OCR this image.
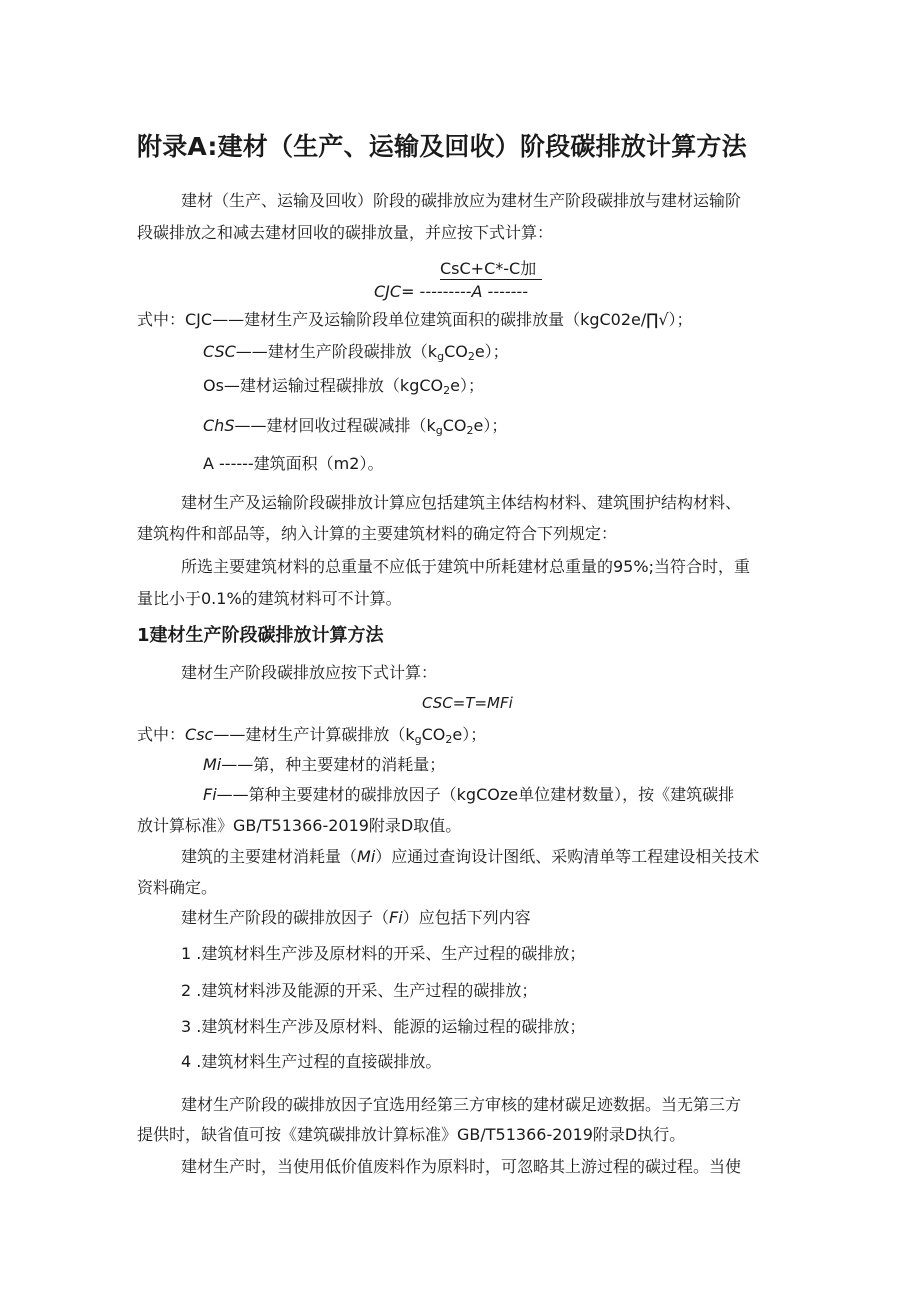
附录A:建材（生产、运输及回收）阶段碳排放计算方法
建材（生产、运输及回收）阶段的碳排放应为建材生产阶段碳排放与建材运输阶
段碳排放之和减去建材回收的碳排放量，并应按下式计算：
CsC+C*-C加
CJC= ---------A -------
式中：CJC——建材生产及运输阶段单位建筑面积的碳排放量（kgC02e∕∏√）；
CSC——建材生产阶段碳排放$(k_gCO_2e)$；
Os—建材运输过程碳排放（kgCO$_2$e）；
ChS——建材回收过程碳减排$(k_gCO_2e)$；
A ------建筑面积（m2）。
建材生产及运输阶段碳排放计算应包括建筑主体结构材料、建筑围护结构材料、
建筑构件和部品等，纳入计算的主要建筑材料的确定符合下列规定：
所选主要建筑材料的总重量不应低于建筑中所耗建材总重量的95%;当符合时，重
量比小于0.1%的建筑材料可不计算。
1建材生产阶段碳排放计算方法
建材生产阶段碳排放应按下式计算：
CSC=T=MFi
式中：Csc——建材生产计算碳排放$(k_gCO_2e)$；
Mi——第，种主要建材的消耗量；
Fi——第种主要建材的碳排放因子（kgCOze单位建材数量），按《建筑碳排
放计算标准》GB/T51366-2019附录D取值。
建筑的主要建材消耗量（Mi）应通过查询设计图纸、采购清单等工程建设相关技术
资料确定。
建材生产阶段的碳排放因子（Fi）应包括下列内容
1 .建筑材料生产涉及原材料的开采、生产过程的碳排放；
2 .建筑材料涉及能源的开采、生产过程的碳排放；
3 .建筑材料生产涉及原材料、能源的运输过程的碳排放；
4 .建筑材料生产过程的直接碳排放。
建材生产阶段的碳排放因子宜选用经第三方审核的建材碳足迹数据。当无第三方
提供时，缺省值可按《建筑碳排放计算标准》GB/T51366-2019附录D执行。
建材生产时，当使用低价值废料作为原料时，可忽略其上游过程的碳过程。当使
